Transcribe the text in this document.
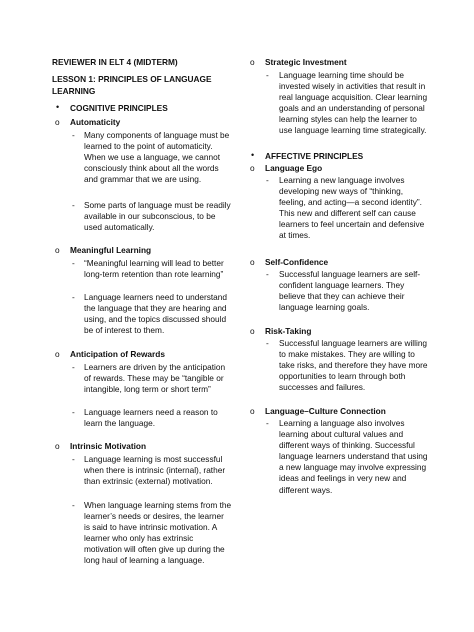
REVIEWER IN ELT 4 (MIDTERM)
LESSON 1: PRINCIPLES OF LANGUAGE
LEARNING
• COGNITIVE PRINCIPLES
o Automaticity
- Many components of language must be
learned to the point of automaticity.
When we use a language, we cannot
consciously think about all the words
and grammar that we are using.
- Some parts of language must be readily
available in our subconscious, to be
used automatically.
o Meaningful Learning
- “Meaningful learning will lead to better
long-term retention than rote learning”
- Language learners need to understand
the language that they are hearing and
using, and the topics discussed should
be of interest to them.
o Anticipation of Rewards
- Learners are driven by the anticipation
of rewards. These may be “tangible or
intangible, long term or short term”
- Language learners need a reason to
learn the language.
o Intrinsic Motivation
- Language learning is most successful
when there is intrinsic (internal), rather
than extrinsic (external) motivation.
- When language learning stems from the
learner’s needs or desires, the learner
is said to have intrinsic motivation. A
learner who only has extrinsic
motivation will often give up during the
long haul of learning a language.
o Strategic Investment
- Language learning time should be
invested wisely in activities that result in
real language acquisition. Clear learning
goals and an understanding of personal
learning styles can help the learner to
use language learning time strategically.
• AFFECTIVE PRINCIPLES
o Language Ego
- Learning a new language involves
developing new ways of “thinking,
feeling, and acting—a second identity”.
This new and different self can cause
learners to feel uncertain and defensive
at times.
o Self-Confidence
- Successful language learners are self-
confident language learners. They
believe that they can achieve their
language learning goals.
o Risk-Taking
- Successful language learners are willing
to make mistakes. They are willing to
take risks, and therefore they have more
opportunities to learn through both
successes and failures.
o Language–Culture Connection
- Learning a language also involves
learning about cultural values and
different ways of thinking. Successful
language learners understand that using
a new language may involve expressing
ideas and feelings in very new and
different ways.
